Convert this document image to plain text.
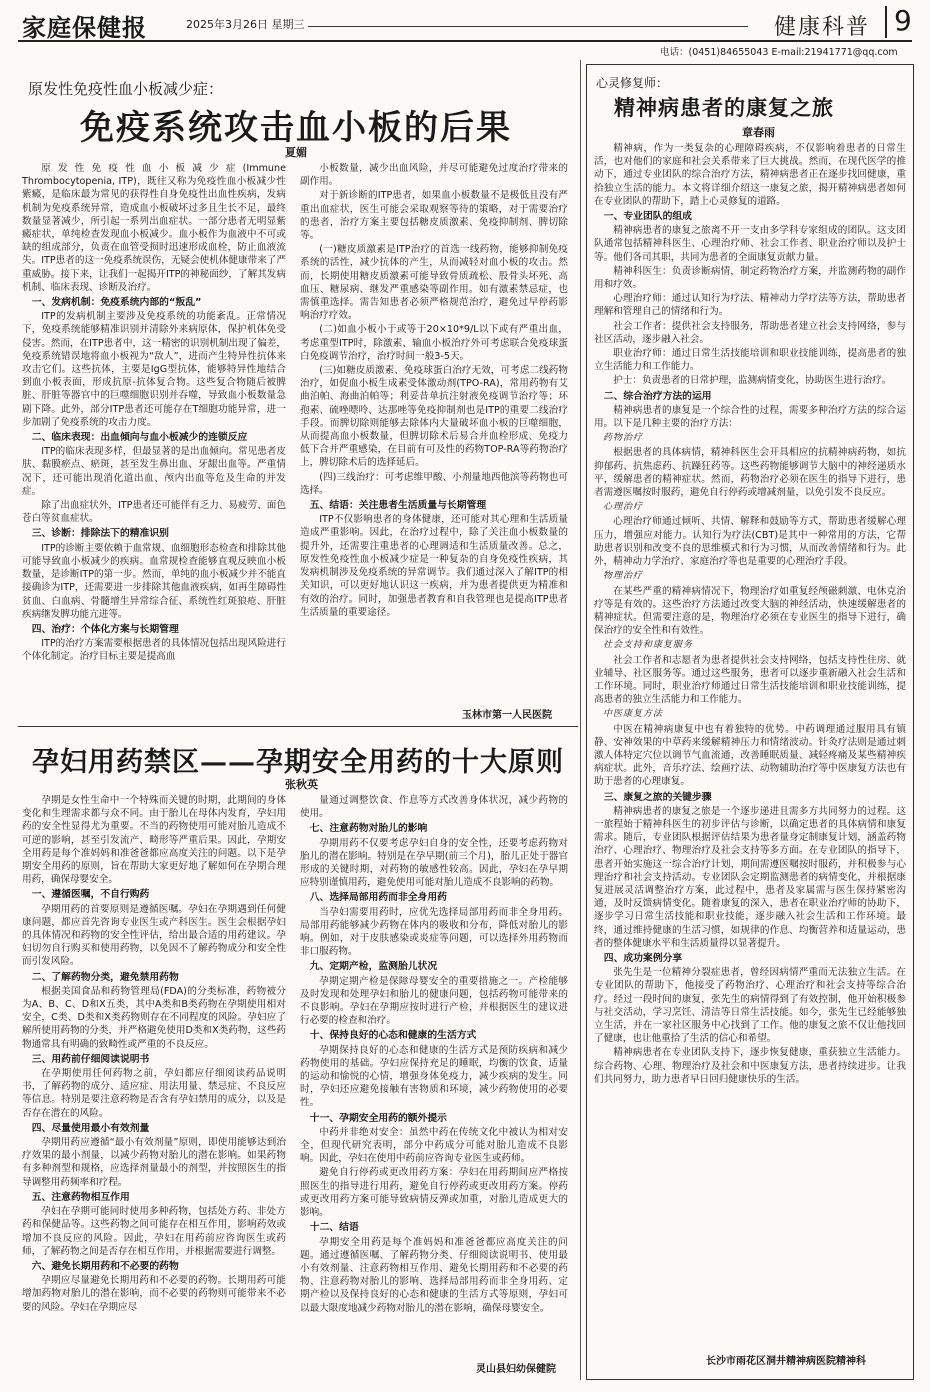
家庭保健报	2025年3月26日 星期三	健康科普 9
电话：(0451)84655043 E-mail:21941771@qq.com
原发性免疫性血小板减少症：
免疫系统攻击血小板的后果
夏媚

原发性免疫性血小板减少症(Immune Thrombocytopenia, ITP)，既往又称为免疫性血小板减少性紫癜，是临床最为常见的获得性自身免疫性出血性疾病，发病机制为免疫系统异常，造成血小板破坏过多且生长不足，最终数量显著减少，所引起一系列出血症状。一部分患者无明显紫癜症状，单纯检查发现血小板减少。血小板作为血液中不可或缺的组成部分，负责在血管受损时迅速形成血栓，防止血液流失。ITP患者的这一免疫系统误伤，无疑会使机体健康带来了严重威胁。接下来，让我们一起揭开ITP的神秘面纱，了解其发病机制、临床表现、诊断及治疗。

一、发病机制：免疫系统内部的“叛乱”

ITP的发病机制主要涉及免疫系统的功能紊乱。正常情况下，免疫系统能够精准识别并清除外来病原体，保护机体免受侵害。然而，在ITP患者中，这一精密的识别机制出现了偏差，免疫系统错误地将血小板视为“敌人”，进而产生特异性抗体来攻击它们。这些抗体，主要是IgG型抗体，能够特异性地结合到血小板表面，形成抗原-抗体复合物。这些复合物随后被脾脏、肝脏等器官中的巨噬细胞识别并吞噬，导致血小板数量急剧下降。此外，部分ITP患者还可能存在T细胞功能异常，进一步加剧了免疫系统的攻击力度。

二、临床表现：出血倾向与血小板减少的连锁反应

ITP的临床表现多样，但最显著的是出血倾向。常见患者皮肤、黏膜瘀点、瘀斑，甚至发生鼻出血、牙龈出血等。严重情况下，还可能出现消化道出血、颅内出血等危及生命的并发症。

除了出血症状外，ITP患者还可能伴有乏力、易疲劳、面色苍白等贫血症状。

三、诊断：排除法下的精准识别

ITP的诊断主要依赖于血常规、血细胞形态检查和排除其他可能导致血小板减少的疾病。血常规检查能够直观反映血小板数量，是诊断ITP的第一步。然而，单纯的血小板减少并不能直接确诊为ITP，还需要进一步排除其他血液疾病，如再生障碍性贫血、白血病、骨髓增生异常综合征、系统性红斑狼疮、肝脏疾病继发脾功能亢进等。

四、治疗：个体化方案与长期管理

ITP的治疗方案需要根据患者的具体情况包括出现风险进行个体化制定。治疗目标主要是提高血

小板数量，减少出血风险，并尽可能避免过度治疗带来的副作用。

对于新诊断的ITP患者，如果血小板数量不是极低且没有严重出血症状，医生可能会采取观察等待的策略，对于需要治疗的患者，治疗方案主要包括糖皮质激素、免疫抑制剂、脾切除等。

(一)糖皮质激素是ITP治疗的首选一线药物，能够抑制免疫系统的活性，减少抗体的产生，从而减轻对血小板的攻击。然而，长期使用糖皮质激素可能导致骨质疏松、股骨头坏死、高血压、糖尿病、继发严重感染等副作用。如有激素禁忌症，也需慎重选择。需告知患者必须严格规范治疗，避免过早停药影响治疗疗效。

(二)如血小板小于或等于20×10*9/L以下或有严重出血，考虑重型ITP时，除激素、输血小板治疗外可考虑联合免疫球蛋白免疫调节治疗，治疗时间一般3-5天。

(三)如糖皮质激素、免疫球蛋白治疗无效，可考虑二线药物治疗，如促血小板生成素受体激动剂(TPO-RA)，常用药物有艾曲泊帕、海曲泊帕等；利妥昔单抗注射液免疫调节治疗等；环孢素、硫唑嘌呤、达那唑等免疫抑制剂也是ITP的重要二线治疗手段。而脾切除则能够去除体内大量破坏血小板的巨噬细胞，从而提高血小板数量，但脾切除术后易合并血栓形成、免疫力低下合并严重感染，在目前有可及性的药物TOP-RA等药物治疗上，脾切除术后的选择延后。

(四)三线治疗：可考虑维甲酸、小剂量地西他滨等药物也可选择。

五、结语：关注患者生活质量与长期管理

ITP不仅影响患者的身体健康，还可能对其心理和生活质量造成严重影响。因此，在治疗过程中，除了关注血小板数量的提升外，还需要注重患者的心理调适和生活质量改善。总之，原发性免疫性血小板减少症是一种复杂的自身免疫性疾病，其发病机制涉及免疫系统的异常调节。我们通过深入了解ITP的相关知识，可以更好地认识这一疾病，并为患者提供更为精准和有效的治疗。同时，加强患者教育和自我管理也是提高ITP患者生活质量的重要途径。

玉林市第一人民医院
孕妇用药禁区——孕期安全用药的十大原则
张秋英

孕期是女性生命中一个特殊而关键的时期，此期间的身体变化和生理需求都与众不同。由于胎儿在母体内发育，孕妇用药的安全性显得尤为重要。不当的药物使用可能对胎儿造成不可逆的影响，甚至引发流产、畸形等严重后果。因此，孕期安全用药是每个准妈妈和准爸爸都应高度关注的问题。以下是孕期安全用药的原则，旨在帮助大家更好地了解如何在孕期合理用药，确保母婴安全。

一、遵循医嘱，不自行购药

孕期用药的首要原则是遵循医嘱。孕妇在孕期遇到任何健康问题，都应首先咨询专业医生或产科医生。医生会根据孕妇的具体情况和药物的安全性评估，给出最合适的用药建议。孕妇切勿自行购买和使用药物，以免因不了解药物成分和安全性而引发风险。

二、了解药物分类，避免禁用药物

根据美国食品和药物管理局(FDA)的分类标准，药物被分为A、B、C、D和X五类，其中A类和B类药物在孕期使用相对安全，C类、D类和X类药物则存在不同程度的风险。孕妇应了解所使用药物的分类，并严格避免使用D类和X类药物，这些药物通常具有明确的致畸性或严重的不良反应。

三、用药前仔细阅读说明书

在孕期使用任何药物之前，孕妇都应仔细阅读药品说明书，了解药物的成分、适应症、用法用量、禁忌症、不良反应等信息。特别是要注意药物是否含有孕妇禁用的成分，以及是否存在潜在的风险。

四、尽量使用最小有效剂量

孕期用药应遵循“最小有效剂量”原则，即使用能够达到治疗效果的最小剂量，以减少药物对胎儿的潜在影响。如果药物有多种剂型和规格，应选择剂量最小的剂型，并按照医生的指导调整用药频率和疗程。

五、注意药物相互作用

孕妇在孕期可能同时使用多种药物，包括处方药、非处方药和保健品等。这些药物之间可能存在相互作用，影响药效或增加不良反应的风险。因此，孕妇在用药前应咨询医生或药师，了解药物之间是否存在相互作用，并根据需要进行调整。

六、避免长期用药和不必要的药物

孕期应尽量避免长期用药和不必要的药物。长期用药可能增加药物对胎儿的潜在影响，而不必要的药物则可能带来不必要的风险。孕妇在孕期应尽

量通过调整饮食、作息等方式改善身体状况，减少药物的使用。

七、注意药物对胎儿的影响

孕期用药不仅要考虑孕妇自身的安全性，还要考虑药物对胎儿的潜在影响。特别是在孕早期(前三个月)，胎儿正处于器官形成的关键时期，对药物的敏感性较高。因此，孕妇在孕早期应特别谨慎用药，避免使用可能对胎儿造成不良影响的药物。

八、选择局部用药而非全身用药

当孕妇需要用药时，应优先选择局部用药而非全身用药。局部用药能够减少药物在体内的吸收和分布，降低对胎儿的影响。例如，对于皮肤感染或炎症等问题，可以选择外用药物而非口服药物。

九、定期产检，监测胎儿状况

孕期定期产检是保障母婴安全的重要措施之一。产检能够及时发现和处理孕妇和胎儿的健康问题，包括药物可能带来的不良影响。孕妇在孕期应按时进行产检，并根据医生的建议进行必要的检查和治疗。

十、保持良好的心态和健康的生活方式

孕期保持良好的心态和健康的生活方式是预防疾病和减少药物使用的基础。孕妇应保持充足的睡眠，均衡的饮食，适量的运动和愉悦的心情，增强身体免疫力，减少疾病的发生。同时，孕妇还应避免接触有害物质和环境，减少药物使用的必要性。

十一、孕期安全用药的额外提示

中药并非绝对安全：虽然中药在传统文化中被认为相对安全，但现代研究表明，部分中药成分可能对胎儿造成不良影响。因此，孕妇在使用中药前应咨询专业医生或药师。

避免自行停药或更改用药方案：孕妇在用药期间应严格按照医生的指导进行用药，避免自行停药或更改用药方案。停药或更改用药方案可能导致病情反弹或加重，对胎儿造成更大的影响。

十二、结语

孕期安全用药是每个准妈妈和准爸爸都应高度关注的问题。通过遵循医嘱、了解药物分类、仔细阅读说明书、使用最小有效剂量、注意药物相互作用、避免长期用药和不必要的药物、注意药物对胎儿的影响、选择局部用药而非全身用药、定期产检以及保持良好的心态和健康的生活方式等原则，孕妇可以最大限度地减少药物对胎儿的潜在影响，确保母婴安全。

灵山县妇幼保健院
心灵修复师：
精神病患者的康复之旅
章春雨

精神病，作为一类复杂的心理障碍疾病，不仅影响着患者的日常生活，也对他们的家庭和社会关系带来了巨大挑战。然而，在现代医学的推动下，通过专业团队的综合治疗方法，精神病患者正在逐步找回健康，重拾独立生活的能力。本文将详细介绍这一康复之旅，揭开精神病患者如何在专业团队的帮助下，踏上心灵修复的道路。

一、专业团队的组成

精神病患者的康复之旅离不开一支由多学科专家组成的团队。这支团队通常包括精神科医生、心理治疗师、社会工作者、职业治疗师以及护士等。他们各司其职，共同为患者的全面康复贡献力量。

精神科医生：负责诊断病情，制定药物治疗方案，并监测药物的副作用和疗效。

心理治疗师：通过认知行为疗法、精神动力学疗法等方法，帮助患者理解和管理自己的情绪和行为。

社会工作者：提供社会支持服务，帮助患者建立社会支持网络，参与社区活动，逐步融入社会。

职业治疗师：通过日常生活技能培训和职业技能训练，提高患者的独立生活能力和工作能力。

护士：负责患者的日常护理，监测病情变化，协助医生进行治疗。

二、综合治疗方法的运用

精神病患者的康复是一个综合性的过程，需要多种治疗方法的综合运用。以下是几种主要的治疗方法：

药物治疗

根据患者的具体病情，精神科医生会开具相应的抗精神病药物，如抗抑郁药、抗焦虑药、抗躁狂药等。这些药物能够调节大脑中的神经递质水平，缓解患者的精神症状。然而，药物治疗必须在医生的指导下进行，患者需遵医嘱按时服药，避免自行停药或增减剂量，以免引发不良反应。

心理治疗

心理治疗师通过倾听、共情、解释和鼓励等方式，帮助患者缓解心理压力，增强应对能力。认知行为疗法(CBT)是其中一种常用的方法，它帮助患者识别和改变不良的思维模式和行为习惯，从而改善情绪和行为。此外，精神动力学治疗、家庭治疗等也是重要的心理治疗手段。

物理治疗

在某些严重的精神病情况下，物理治疗如重复经颅磁刺激、电休克治疗等是有效的。这些治疗方法通过改变大脑的神经活动，快速缓解患者的精神症状。但需要注意的是，物理治疗必须在专业医生的指导下进行，确保治疗的安全性和有效性。

社会支持和康复服务

社会工作者和志愿者为患者提供社会支持网络，包括支持性住房、就业辅导、社区服务等。通过这些服务，患者可以逐步重新融入社会生活和工作环境。同时，职业治疗师通过日常生活技能培训和职业技能训练，提高患者的独立生活能力和工作能力。

中医康复方法

中医在精神病康复中也有着独特的优势。中药调理通过服用具有镇静、安神效果的中草药来缓解精神压力和情绪波动。针灸疗法则是通过刺激人体特定穴位以调节气血流通，改善睡眠质量、减轻疼痛及某些精神疾病症状。此外，音乐疗法、绘画疗法、动物辅助治疗等中医康复方法也有助于患者的心理康复。

三、康复之旅的关键步骤

精神病患者的康复之旅是一个逐步递进且需多方共同努力的过程。这一旅程始于精神科医生的初步评估与诊断，以确定患者的具体病情和康复需求。随后，专业团队根据评估结果为患者量身定制康复计划，涵盖药物治疗、心理治疗、物理治疗及社会支持等多方面。在专业团队的指导下，患者开始实施这一综合治疗计划，期间需遵医嘱按时服药，并积极参与心理治疗和社会支持活动。专业团队会定期监测患者的病情变化，并根据康复进展灵活调整治疗方案，此过程中，患者及家属需与医生保持紧密沟通，及时反馈病情变化。随着康复的深入，患者在职业治疗师的协助下，逐步学习日常生活技能和职业技能，逐步融入社会生活和工作环境。最终，通过维持健康的生活习惯，如规律的作息、均衡营养和适量运动，患者的整体健康水平和生活质量得以显著提升。

四、成功案例分享

张先生是一位精神分裂症患者，曾经因病情严重而无法独立生活。在专业团队的帮助下，他接受了药物治疗、心理治疗和社会支持等综合治疗。经过一段时间的康复，张先生的病情得到了有效控制，他开始积极参与社交活动，学习烹饪、清洁等日常生活技能。如今，张先生已经能够独立生活，并在一家社区服务中心找到了工作。他的康复之旅不仅让他找回了健康，也让他重拾了生活的信心和希望。

精神病患者在专业团队支持下，逐步恢复健康，重获独立生活能力。综合药物、心理、物理治疗及社会和中医康复方法，患者持续进步。让我们共同努力，助力患者早日回归健康快乐的生活。

长沙市雨花区洞井精神病医院精神科
